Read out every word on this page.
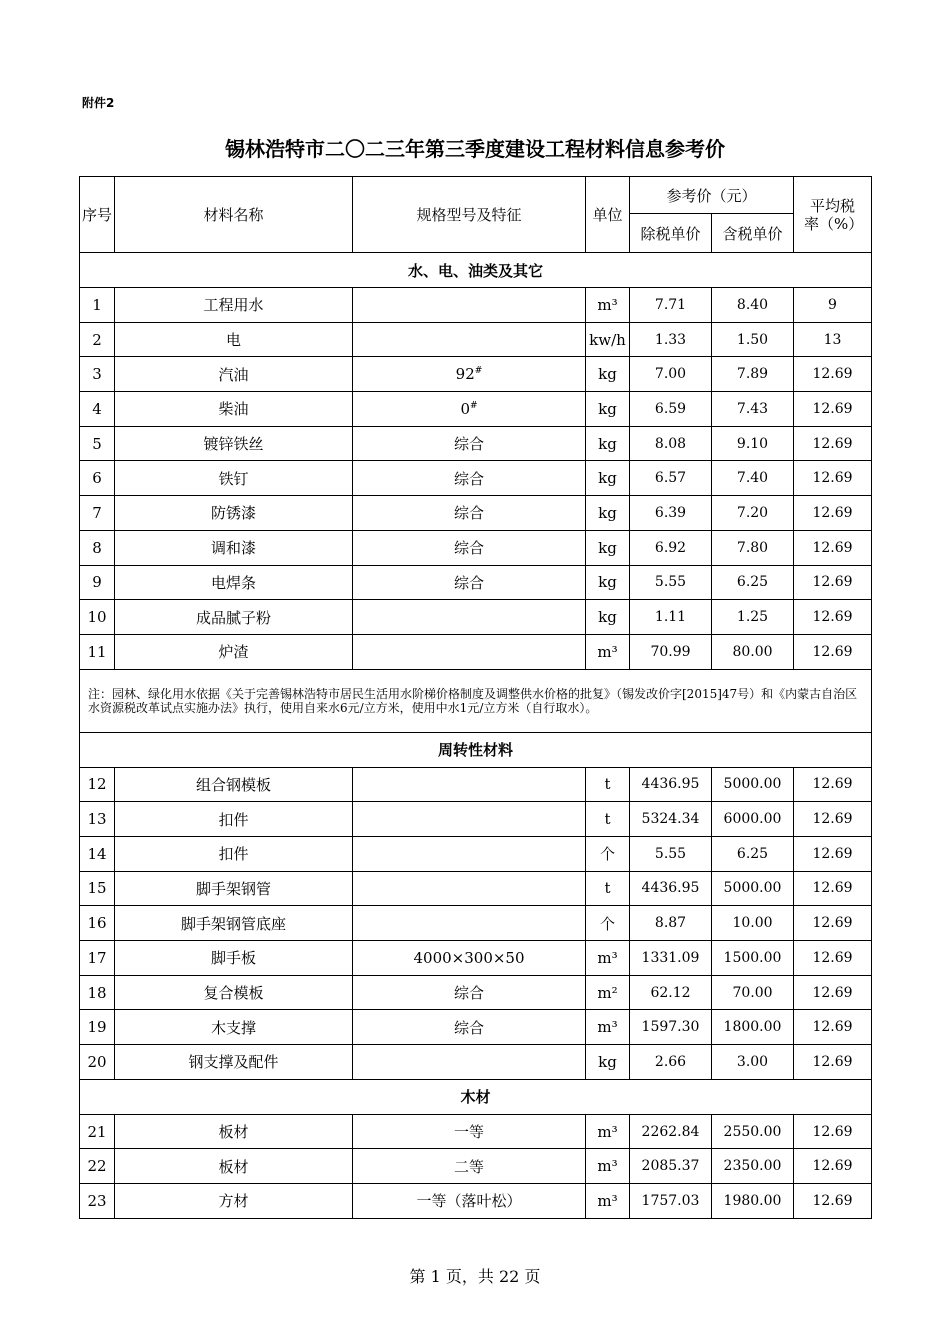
附件2
锡林浩特市二〇二三年第三季度建设工程材料信息参考价
序号	材料名称	规格型号及特征	单位	参考价（元）		平均税率（%）
				除税单价	含税单价	
水、电、油类及其它						
1	工程用水		m³	7.71	8.40	9
2	电		kw/h	1.33	1.50	13
3	汽油	92#	kg	7.00	7.89	12.69
4	柴油	0#	kg	6.59	7.43	12.69
5	镀锌铁丝	综合	kg	8.08	9.10	12.69
6	铁钉	综合	kg	6.57	7.40	12.69
7	防锈漆	综合	kg	6.39	7.20	12.69
8	调和漆	综合	kg	6.92	7.80	12.69
9	电焊条	综合	kg	5.55	6.25	12.69
10	成品腻子粉		kg	1.11	1.25	12.69
11	炉渣		m³	70.99	80.00	12.69
注：园林、绿化用水依据《关于完善锡林浩特市居民生活用水阶梯价格制度及调整供水价格的批复》（锡发改价字[2015]47号）和《内蒙古自治区水资源税改革试点实施办法》执行，使用自来水6元/立方米，使用中水1元/立方米（自行取水）。						
周转性材料						
12	组合钢模板		t	4436.95	5000.00	12.69
13	扣件		t	5324.34	6000.00	12.69
14	扣件		个	5.55	6.25	12.69
15	脚手架钢管		t	4436.95	5000.00	12.69
16	脚手架钢管底座		个	8.87	10.00	12.69
17	脚手板	4000×300×50	m³	1331.09	1500.00	12.69
18	复合模板	综合	m²	62.12	70.00	12.69
19	木支撑	综合	m³	1597.30	1800.00	12.69
20	钢支撑及配件		kg	2.66	3.00	12.69
木材						
21	板材	一等	m³	2262.84	2550.00	12.69
22	板材	二等	m³	2085.37	2350.00	12.69
23	方材	一等（落叶松）	m³	1757.03	1980.00	12.69
第 1 页，共 22 页
